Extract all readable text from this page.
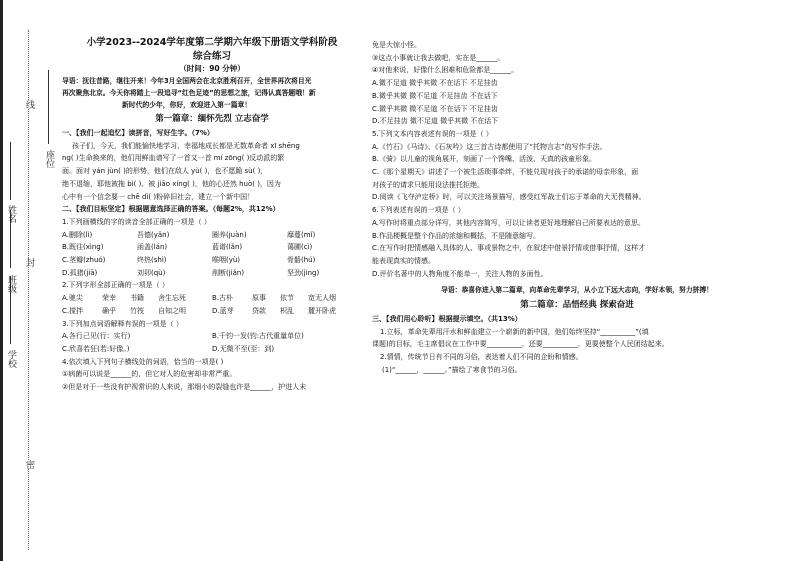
线
封
密
学校
班级
姓名
座位
小学2023--2024学年度第二学期六年级下册语文学科阶段
综合练习
（时间：90 分钟）
导语：抚往昔路，继往开来！今年3月全国两会在北京胜利召开，全世界再次将目光
再次聚焦北京。今天你将踏上一段追寻“红色足迹”的思想之旅，记得认真答题哦！新
新时代的少年，你好，欢迎进入第一篇章！
第一篇章：缅怀先烈 立志奋学
一、【我们一起追忆】读拼音，写好生字。（7%）
孩子们，今天，我们能愉快地学习、幸福地成长都是无数革命者 xī shēng
ng( )生命换来的，他们用鲜血谱写了一首又一首 mí zōng( )反动派的繁
面。面对 yán jùn( )的形势，他们在敌人 yù( )，也不愿跪 sù( )，
绝不退缩，耶他被拖 bì( )、被 jiāo xíng( )，他的心还然 huò( )，因为
心中有一个信念要一 chē dì( )粉碎旧社会，建立一个新中国！
二、【我们目标坚定】根据题意选择正确的答案。（每题2%，共12%）
1.下列画横线的字的读音全部正确的一项是（ ）
A.删除(lì)	吾德(yǎn)	圈养(juàn)	靡蔓(mǐ)
B.既往(xìng)	函盖(lán)	蓝谱(lǎn)	蔼圃(cì)
C.茎瓣(zhuó)	终热(shì)	喉咽(yù)	骨骼(hú)
D.孤猪(jiā)	刘卯(qù)	削断(jiǎn)	坚劲(jìng)
2.下列字形全部正确的一项是（ ）
A.驰尖	荣幸	书籍	舍生忘死	B.古朴	原事	依节	宽无人烟
C.搅拌	确乎	竹筏	自知之明	D.蓝芽	贷款	枳乱	麓开卧虎
3.下列加点词语解释有误的一项是（ ）
A.各行己见(行：实行)	B.千钧一发(钧:古代重量单位)
C.欣喜若狂(若:好像。)	D.无微不至(至：到)
4.依次填入下列句子横线处的词语，恰当的一项是( )
①病菌可以说是______的，但它对人的危害却非常严重。
②但是对于一些没有护视常识的人来说，那细小的裂缝也许是______，护进人未
免是大惊小怪。
③这点小事就让我去做吧，实在是______。
④对他来说，好像什么困难和危险都是______。
A.微不足道 微乎其微 不在话下 不足挂齿
B.微乎其微 微不足道 不足挂齿 不在话下
C.微乎其微 微不足道 不在话下 不足挂齿
D.不足挂齿 微不足道 微乎其微 不在话下
5.下列文本内容表述有误的一项是（ ）
A.《竹石》《马诗》、《石灰吟》这三首古诗都使用了“托物言志”的写作手法。
B.《骑》以儿童的视角展开，刻画了一个馋嘴、活泼、天真的孩童形象。
C.《那个星期天》讲述了一个被生活琐事牵绊，不能兑现对孩子的承诺的母亲形象，面
对孩子的请求只能用设法推托拒绝。
D.阅读《飞夺泸定桥》时，可以关注场景描写，感受红军战士们忘于革命的大无畏精神。
6.下列表述有误的一项是（ ）
A.写作时将重点部分详写，其他内容简写，可以让读者更好地理解自己所要表达的意思。
B.作品梗概是整个作品的浓缩和概括，不是随意缩写。
C.在写作时把情感融入具体的人、事或景物之中，在叙述中借景抒情或借事抒情，这样才
能表现真实的情感。
D.评价名著中的人物角度不能单一，关注人物的多面性。
导语：恭喜你进入第二篇章，向革命先辈学习，从小立下远大志向，学好本领，努力拼搏！
第二篇章：品悟经典 探索奋进
三、【我们用心聆听】根据提示填空。（共13%）
1.立标，革命先辈用汗水和鲜血建立一个崭新的新中国，他们始终坚持“__________”(填
课题)的目标，毛主席倡议在工作中要__________，还要__________，更要使整个人民团结起来。
2.情情，传统节日有不同的习俗，表达着人们不同的企盼和情感。
(1)“______，______。”描绘了寒食节的习俗。
